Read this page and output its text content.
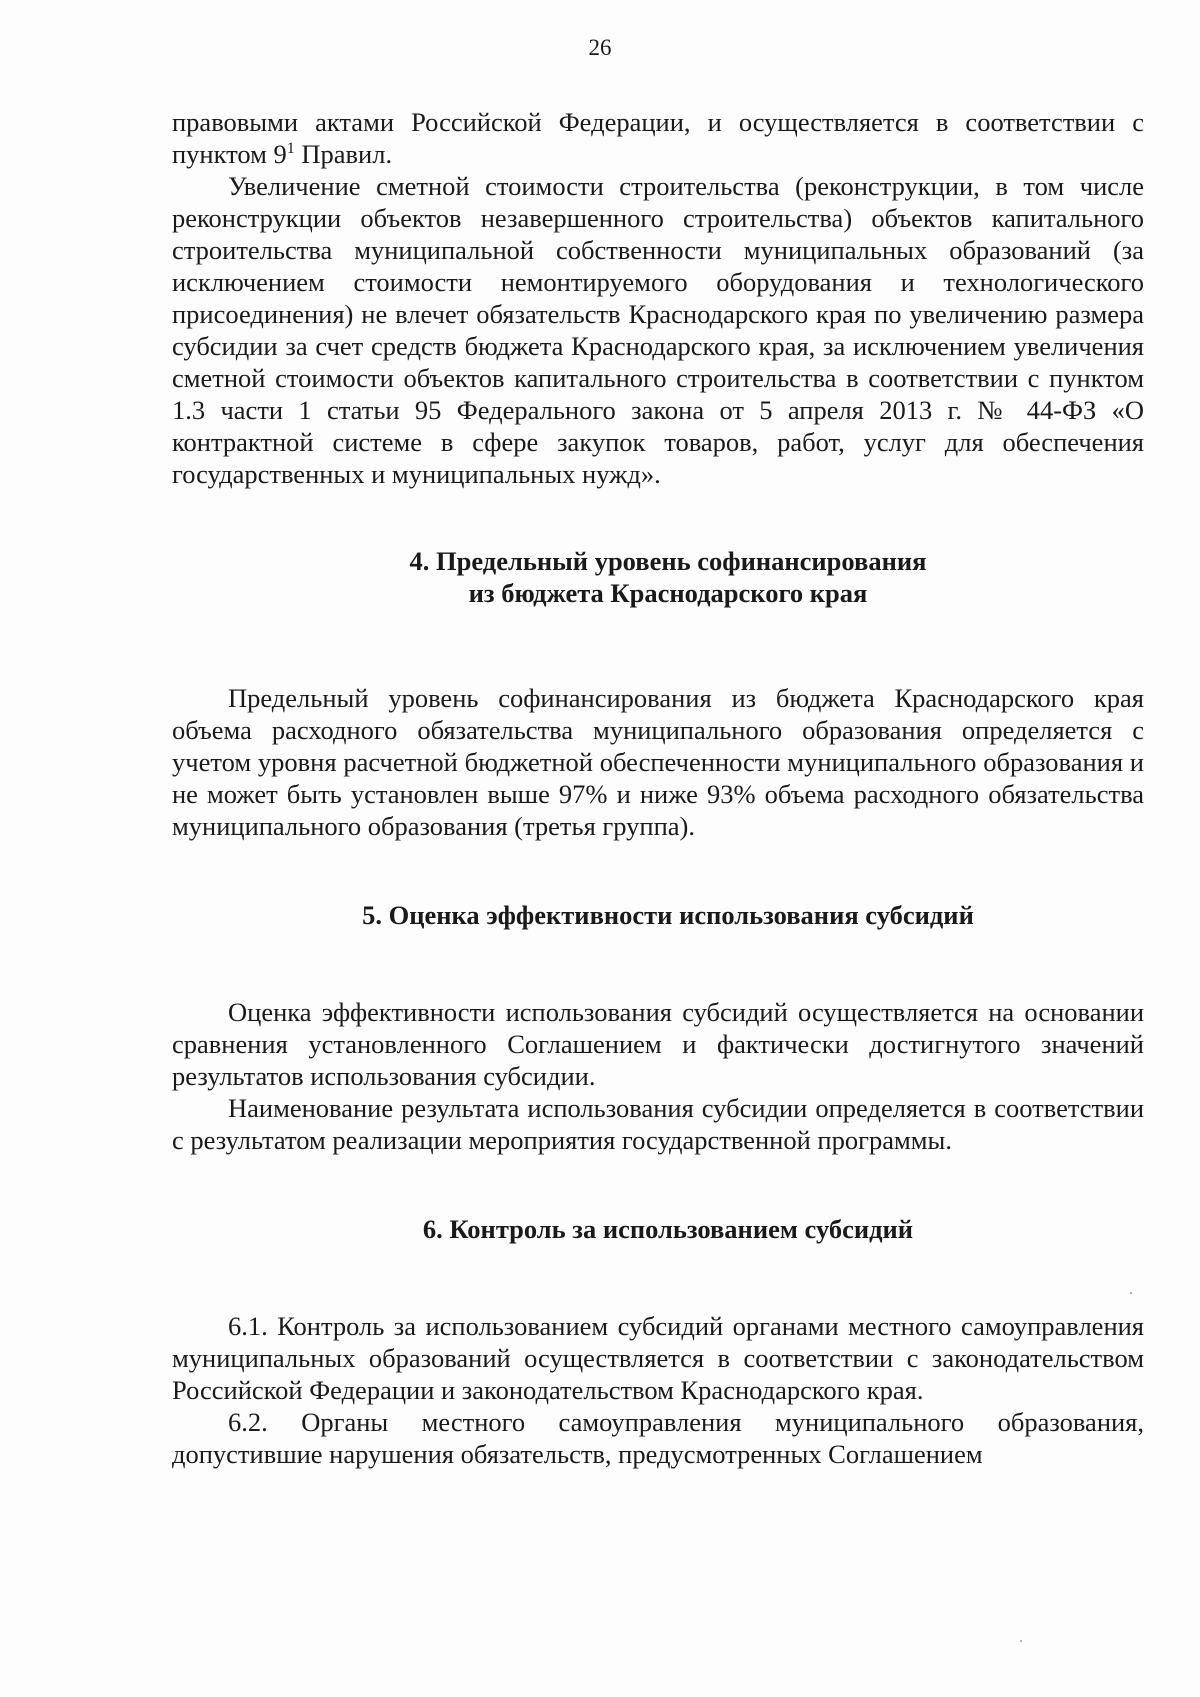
26

правовыми актами Российской Федерации, и осуществляется в соответствии с пунктом $9^1$ Правил.

Увеличение сметной стоимости строительства (реконструкции, в том числе реконструкции объектов незавершенного строительства) объектов капитального строительства муниципальной собственности муниципальных образований (за исключением стоимости немонтируемого оборудования и технологического присоединения) не влечет обязательств Краснодарского края по увеличению размера субсидии за счет средств бюджета Краснодарского края, за исключением увеличения сметной стоимости объектов капитального строительства в соответствии с пунктом 1.3 части 1 статьи 95 Федерального закона от 5 апреля 2013 г. № 44-ФЗ «О контрактной системе в сфере закупок товаров, работ, услуг для обеспечения государственных и муниципальных нужд».

4. Предельный уровень софинансирования
из бюджета Краснодарского края

Предельный уровень софинансирования из бюджета Краснодарского края объема расходного обязательства муниципального образования определяется с учетом уровня расчетной бюджетной обеспеченности муниципального образования и не может быть установлен выше 97% и ниже 93% объема расходного обязательства муниципального образования (третья группа).

5. Оценка эффективности использования субсидий

Оценка эффективности использования субсидий осуществляется на основании сравнения установленного Соглашением и фактически достигнутого значений результатов использования субсидии.

Наименование результата использования субсидии определяется в соответствии с результатом реализации мероприятия государственной программы.

6. Контроль за использованием субсидий

6.1. Контроль за использованием субсидий органами местного самоуправления муниципальных образований осуществляется в соответствии с законодательством Российской Федерации и законодательством Краснодарского края.

6.2. Органы местного самоуправления муниципального образования, допустившие нарушения обязательств, предусмотренных Соглашением
